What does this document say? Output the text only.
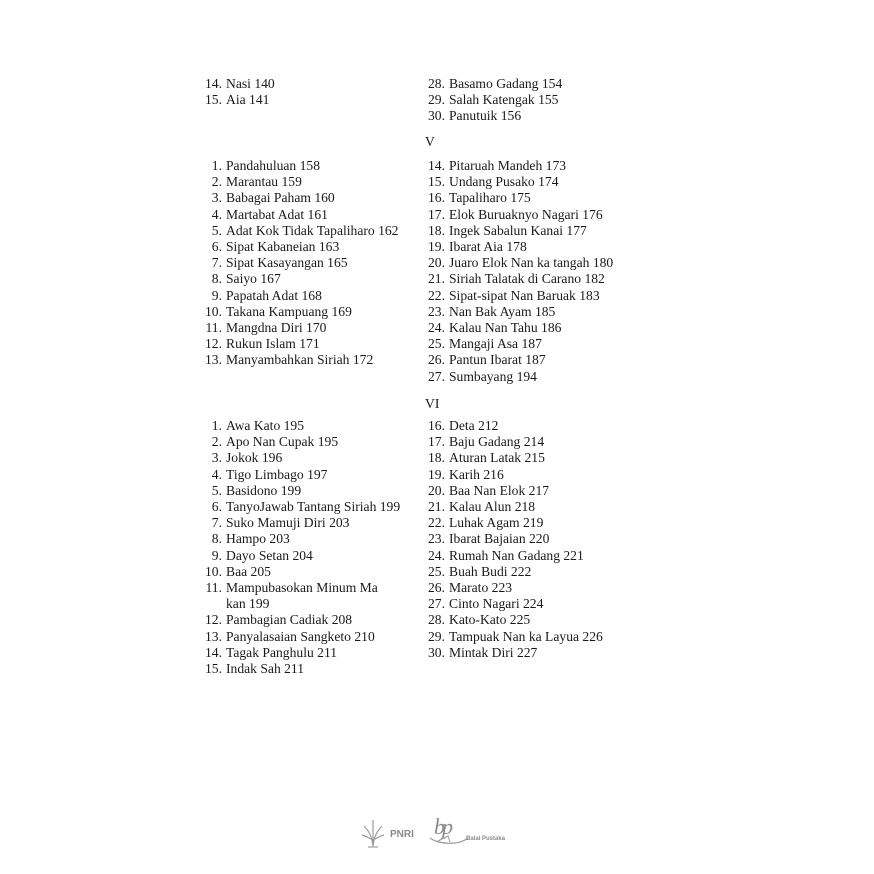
14. Nasi 140
15. Aia 141
28. Basamo Gadang 154
29. Salah Katengak 155
30. Panutuik 156
V
1. Pandahuluan 158
2. Marantau 159
3. Babagai Paham 160
4. Martabat Adat 161
5. Adat Kok Tidak Tapaliharo 162
6. Sipat Kabaneian 163
7. Sipat Kasayangan 165
8. Saiyo 167
9. Papatah Adat 168
10. Takana Kampuang 169
11. Mangdna Diri 170
12. Rukun Islam 171
13. Manyambahkan Siriah 172
14. Pitaruah Mandeh 173
15. Undang Pusako 174
16. Tapaliharo 175
17. Elok Buruaknyo Nagari 176
18. Ingek Sabalun Kanai 177
19. Ibarat Aia 178
20. Juaro Elok Nan ka tangah 180
21. Siriah Talatak di Carano 182
22. Sipat-sipat Nan Baruak 183
23. Nan Bak Ayam 185
24. Kalau Nan Tahu 186
25. Mangaji Asa 187
26. Pantun Ibarat 187
27. Sumbayang 194
VI
1. Awa Kato 195
2. Apo Nan Cupak 195
3. Jokok 196
4. Tigo Limbago 197
5. Basidono 199
6. TanyoJawab Tantang Siriah 199
7. Suko Mamuji Diri 203
8. Hampo 203
9. Dayo Setan 204
10. Baa 205
11. Mampubasokan Minum Ma
kan 199
12. Pambagian Cadiak 208
13. Panyalasaian Sangketo 210
14. Tagak Panghulu 211
15. Indak Sah 211
16. Deta 212
17. Baju Gadang 214
18. Aturan Latak 215
19. Karih 216
20. Baa Nan Elok 217
21. Kalau Alun 218
22. Luhak Agam 219
23. Ibarat Bajaian 220
24. Rumah Nan Gadang 221
25. Buah Budi 222
26. Marato 223
27. Cinto Nagari 224
28. Kato-Kato 225
29. Tampuak Nan ka Layua 226
30. Mintak Diri 227
PNRI bp	Balai Pustaka
